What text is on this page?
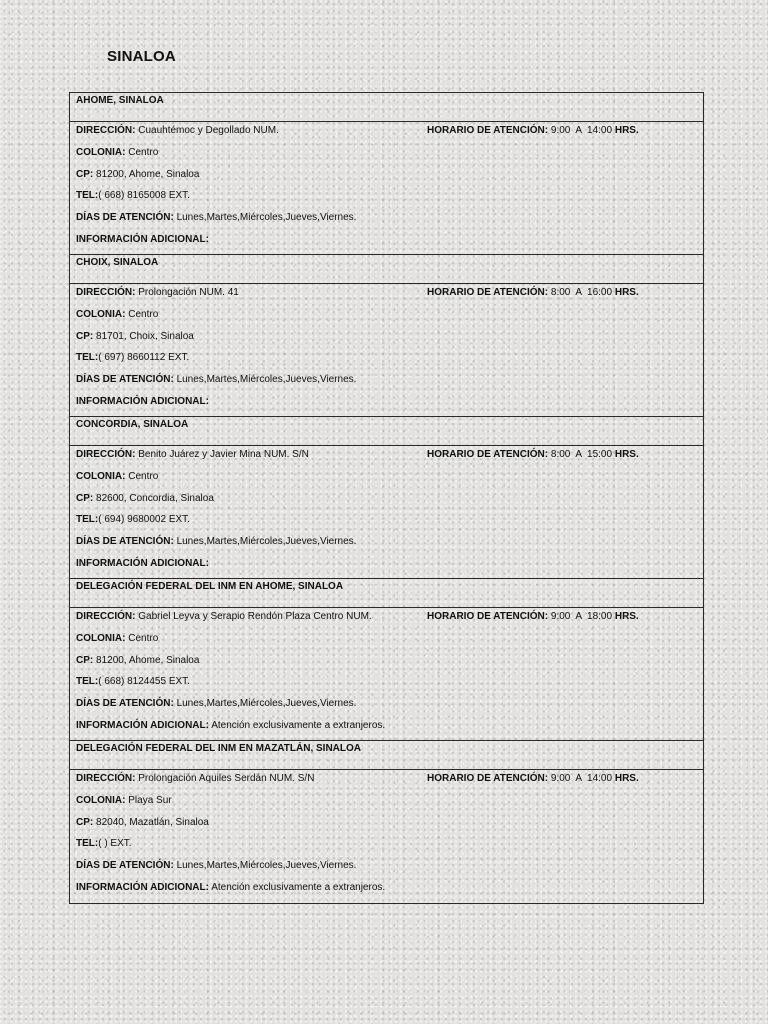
SINALOA
AHOME, SINALOA
DIRECCIÓN: Cuauhtémoc y Degollado NUM.
COLONIA: Centro
CP: 81200, Ahome, Sinaloa
TEL:( 668) 8165008 EXT.
DÍAS DE ATENCIÓN: Lunes,Martes,Miércoles,Jueves,Viernes.
INFORMACIÓN ADICIONAL:
HORARIO DE ATENCIÓN: 9:00  A  14:00 HRS.
CHOIX, SINALOA
DIRECCIÓN: Prolongación NUM. 41
COLONIA: Centro
CP: 81701, Choix, Sinaloa
TEL:( 697) 8660112 EXT.
DÍAS DE ATENCIÓN: Lunes,Martes,Miércoles,Jueves,Viernes.
INFORMACIÓN ADICIONAL:
HORARIO DE ATENCIÓN: 8:00  A  16:00 HRS.
CONCORDIA, SINALOA
DIRECCIÓN: Benito Juárez y Javier Mina NUM. S/N
COLONIA: Centro
CP: 82600, Concordia, Sinaloa
TEL:( 694) 9680002 EXT.
DÍAS DE ATENCIÓN: Lunes,Martes,Miércoles,Jueves,Viernes.
INFORMACIÓN ADICIONAL:
HORARIO DE ATENCIÓN: 8:00  A  15:00 HRS.
DELEGACIÓN FEDERAL DEL INM EN AHOME, SINALOA
DIRECCIÓN: Gabriel Leyva y Serapio Rendón Plaza Centro NUM.
COLONIA: Centro
CP: 81200, Ahome, Sinaloa
TEL:( 668) 8124455 EXT.
DÍAS DE ATENCIÓN: Lunes,Martes,Miércoles,Jueves,Viernes.
INFORMACIÓN ADICIONAL: Atención exclusivamente a extranjeros.
HORARIO DE ATENCIÓN: 9:00  A  18:00 HRS.
DELEGACIÓN FEDERAL DEL INM EN MAZATLÁN, SINALOA
DIRECCIÓN: Prolongación Aquiles Serdán NUM. S/N
COLONIA: Playa Sur
CP: 82040, Mazatlán, Sinaloa
TEL:( ) EXT.
DÍAS DE ATENCIÓN: Lunes,Martes,Miércoles,Jueves,Viernes.
INFORMACIÓN ADICIONAL: Atención exclusivamente a extranjeros.
HORARIO DE ATENCIÓN: 9:00  A  14:00 HRS.
